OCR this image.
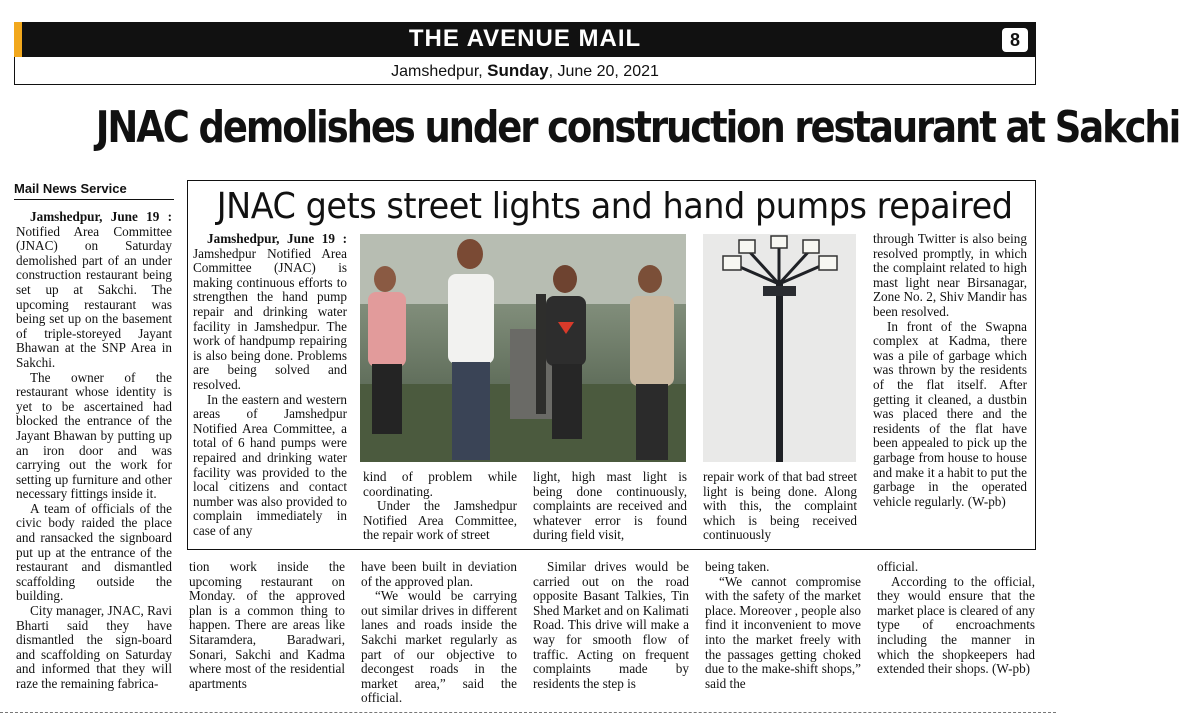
THE AVENUE MAIL	8
Jamshedpur, Sunday, June 20, 2021
JNAC demolishes under construction restaurant at Sakchi
Mail News Service

Jamshedpur, June 19 : Notified Area Committee (JNAC) on Saturday demolished part of an under construction restaurant being set up at Sakchi. The upcoming restaurant was being set up on the basement of triple-storeyed Jayant Bhawan at the SNP Area in Sakchi.

The owner of the restaurant whose identity is yet to be ascertained had blocked the entrance of the Jayant Bhawan by putting up an iron door and was carrying out the work for setting up furniture and other necessary fittings inside it.

A team of officials of the civic body raided the place and ransacked the signboard put up at the entrance of the restaurant and dismantled scaffolding outside the building.

City manager, JNAC, Ravi Bharti said they have dismantled the sign-board and scaffolding on Saturday and informed that they will raze the remaining fabrica-

JNAC gets street lights and hand pumps repaired

Jamshedpur, June 19 : Jamshedpur Notified Area Committee (JNAC) is making continuous efforts to strengthen the hand pump repair and drinking water facility in Jamshedpur. The work of handpump repairing is also being done. Problems are being solved and resolved.

In the eastern and western areas of Jamshedpur Notified Area Committee, a total of 6 hand pumps were repaired and drinking water facility was provided to the local citizens and contact number was also provided to complain immediately in case of any

kind of problem while coordinating.

Under the Jamshedpur Notified Area Committee, the repair work of street

light, high mast light is being done continuously, complaints are received and whatever error is found during field visit,

repair work of that bad street light is being done. Along with this, the complaint which is being received continuously

through Twitter is also being resolved promptly, in which the complaint related to high mast light near Birsanagar, Zone No. 2, Shiv Mandir has been resolved.

In front of the Swapna complex at Kadma, there was a pile of garbage which was thrown by the residents of the flat itself. After getting it cleaned, a dustbin was placed there and the residents of the flat have been appealed to pick up the garbage from house to house and make it a habit to put the garbage in the operated vehicle regularly. (W-pb)

tion work inside the upcoming restaurant on Monday. of the approved plan is a common thing to happen. There are areas like Sitaramdera, Baradwari, Sonari, Sakchi and Kadma where most of the residential apartments

have been built in deviation of the approved plan.

“We would be carrying out similar drives in different lanes and roads inside the Sakchi market regularly as part of our objective to decongest roads in the market area,” said the official.

Similar drives would be carried out on the road opposite Basant Talkies, Tin Shed Market and on Kalimati Road. This drive will make a way for smooth flow of traffic. Acting on frequent complaints made by residents the step is

being taken.

“We cannot compromise with the safety of the market place. Moreover , people also find it inconvenient to move into the market freely with the passages getting choked due to the make-shift shops,” said the

official.

According to the official, they would ensure that the market place is cleared of any type of encroachments including the manner in which the shopkeepers had extended their shops. (W-pb)
